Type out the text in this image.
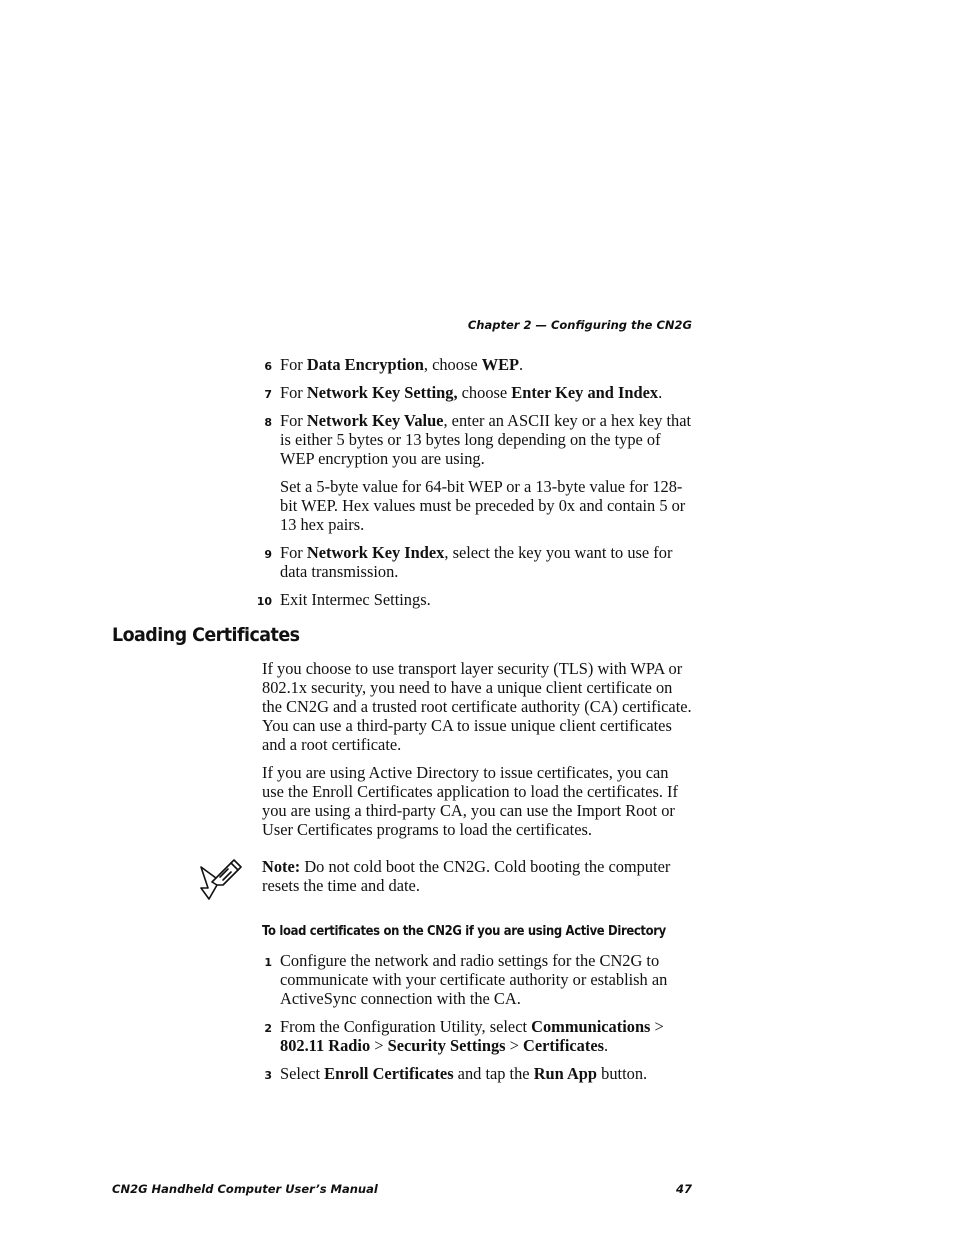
Chapter 2 — Configuring the CN2G
6 For Data Encryption, choose WEP.
7 For Network Key Setting, choose Enter Key and Index.
8 For Network Key Value, enter an ASCII key or a hex key that is either 5 bytes or 13 bytes long depending on the type of WEP encryption you are using.
Set a 5-byte value for 64-bit WEP or a 13-byte value for 128-bit WEP. Hex values must be preceded by 0x and contain 5 or 13 hex pairs.
9 For Network Key Index, select the key you want to use for data transmission.
10 Exit Intermec Settings.
Loading Certificates
If you choose to use transport layer security (TLS) with WPA or 802.1x security, you need to have a unique client certificate on the CN2G and a trusted root certificate authority (CA) certificate. You can use a third-party CA to issue unique client certificates and a root certificate.
If you are using Active Directory to issue certificates, you can use the Enroll Certificates application to load the certificates. If you are using a third-party CA, you can use the Import Root or User Certificates programs to load the certificates.
Note: Do not cold boot the CN2G. Cold booting the computer resets the time and date.
To load certificates on the CN2G if you are using Active Directory
1 Configure the network and radio settings for the CN2G to communicate with your certificate authority or establish an ActiveSync connection with the CA.
2 From the Configuration Utility, select Communications > 802.11 Radio > Security Settings > Certificates.
3 Select Enroll Certificates and tap the Run App button.
CN2G Handheld Computer User’s Manual	47
